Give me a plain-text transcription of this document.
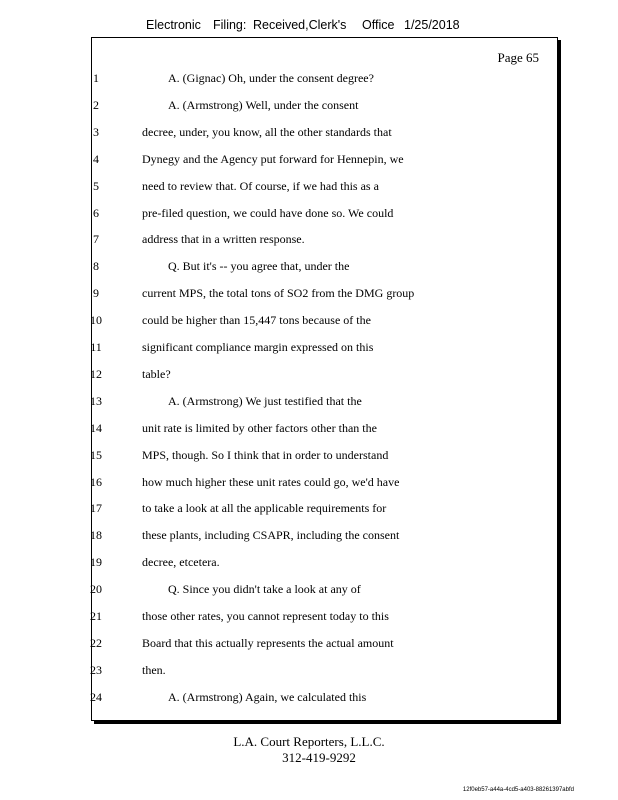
Electronic Filing: Received,Clerk's Office 1/25/2018
Page 65
1	A. (Gignac) Oh, under the consent degree?
2	A. (Armstrong) Well, under the consent
3	decree, under, you know, all the other standards that
4	Dynegy and the Agency put forward for Hennepin, we
5	need to review that. Of course, if we had this as a
6	pre-filed question, we could have done so. We could
7	address that in a written response.
8	Q. But it's -- you agree that, under the
9	current MPS, the total tons of SO2 from the DMG group
10	could be higher than 15,447 tons because of the
11	significant compliance margin expressed on this
12	table?
13	A. (Armstrong) We just testified that the
14	unit rate is limited by other factors other than the
15	MPS, though. So I think that in order to understand
16	how much higher these unit rates could go, we'd have
17	to take a look at all the applicable requirements for
18	these plants, including CSAPR, including the consent
19	decree, etcetera.
20	Q. Since you didn't take a look at any of
21	those other rates, you cannot represent today to this
22	Board that this actually represents the actual amount
23	then.
24	A. (Armstrong) Again, we calculated this
L.A. Court Reporters, L.L.C.
312-419-9292
12f0eb57-a44a-4cd5-a403-88261397abfd
